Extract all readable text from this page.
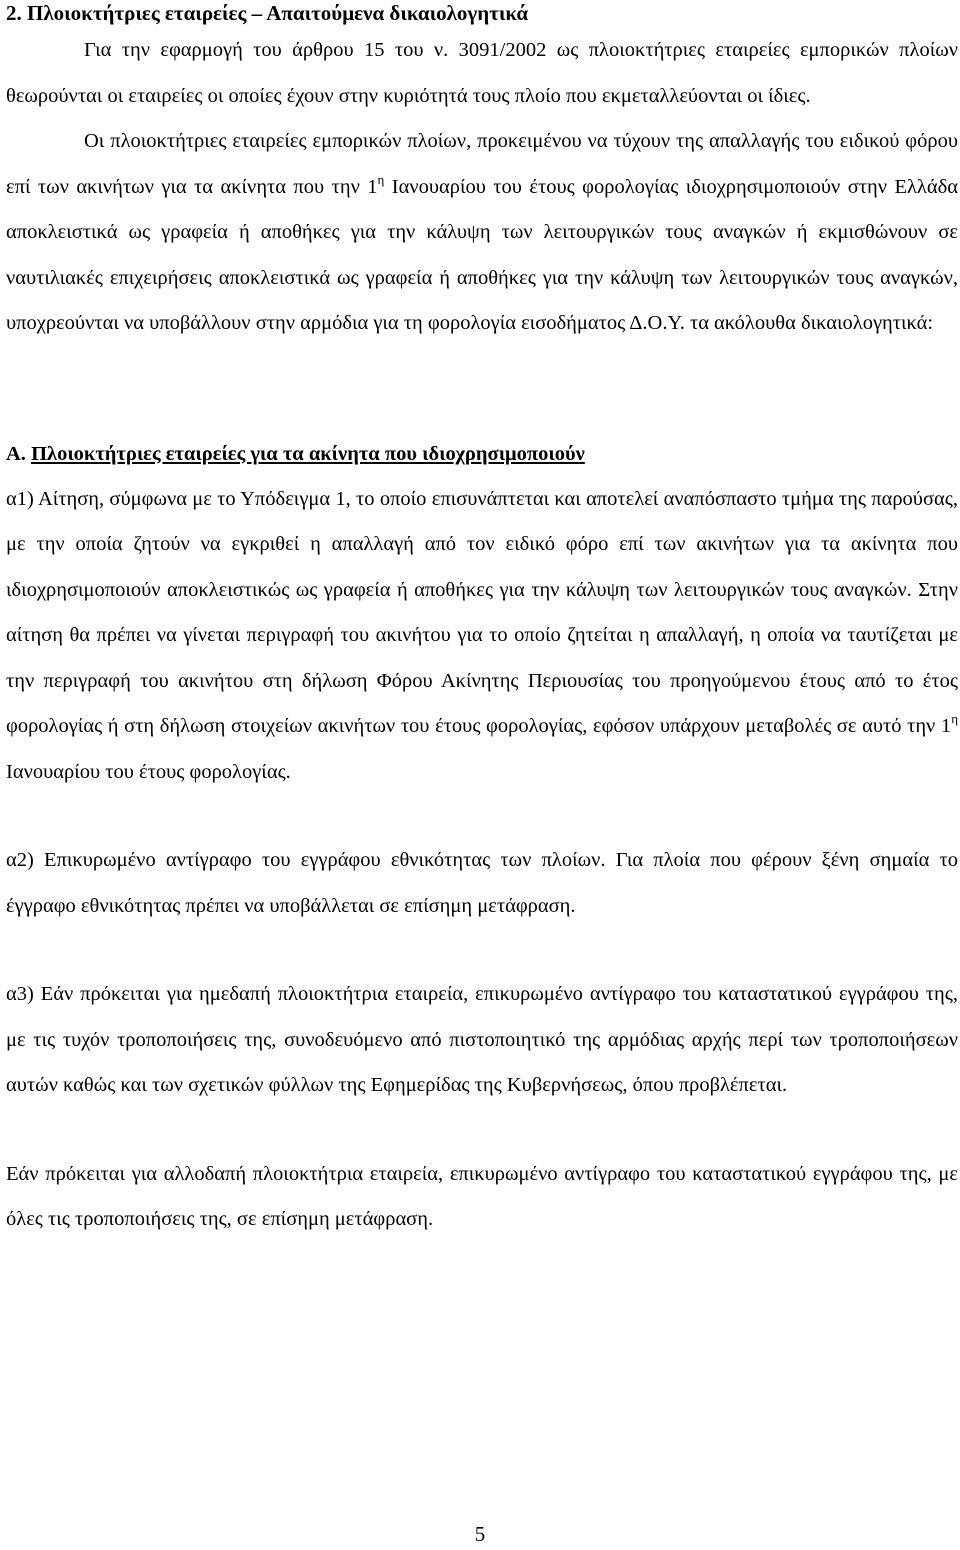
2. Πλοιοκτήτριες εταιρείες – Απαιτούμενα δικαιολογητικά

Για την εφαρμογή του άρθρου 15 του ν. 3091/2002 ως πλοιοκτήτριες εταιρείες εμπορικών πλοίων θεωρούνται οι εταιρείες οι οποίες έχουν στην κυριότητά τους πλοίο που εκμεταλλεύονται οι ίδιες.

Οι πλοιοκτήτριες εταιρείες εμπορικών πλοίων, προκειμένου να τύχουν της απαλλαγής του ειδικού φόρου επί των ακινήτων για τα ακίνητα που την $1^\eta$ Ιανουαρίου του έτους φορολογίας ιδιοχρησιμοποιούν στην Ελλάδα αποκλειστικά ως γραφεία ή αποθήκες για την κάλυψη των λειτουργικών τους αναγκών ή εκμισθώνουν σε ναυτιλιακές επιχειρήσεις αποκλειστικά ως γραφεία ή αποθήκες για την κάλυψη των λειτουργικών τους αναγκών, υποχρεούνται να υποβάλλουν στην αρμόδια για τη φορολογία εισοδήματος Δ.Ο.Υ. τα ακόλουθα δικαιολογητικά:

Α. Πλοιοκτήτριες εταιρείες για τα ακίνητα που ιδιοχρησιμοποιούν

α1) Αίτηση, σύμφωνα με το Υπόδειγμα 1, το οποίο επισυνάπτεται και αποτελεί αναπόσπαστο τμήμα της παρούσας, με την οποία ζητούν να εγκριθεί η απαλλαγή από τον ειδικό φόρο επί των ακινήτων για τα ακίνητα που ιδιοχρησιμοποιούν αποκλειστικώς ως γραφεία ή αποθήκες για την κάλυψη των λειτουργικών τους αναγκών. Στην αίτηση θα πρέπει να γίνεται περιγραφή του ακινήτου για το οποίο ζητείται η απαλλαγή, η οποία να ταυτίζεται με την περιγραφή του ακινήτου στη δήλωση Φόρου Ακίνητης Περιουσίας του προηγούμενου έτους από το έτος φορολογίας ή στη δήλωση στοιχείων ακινήτων του έτους φορολογίας, εφόσον υπάρχουν μεταβολές σε αυτό την $1^\eta$ Ιανουαρίου του έτους φορολογίας.

α2) Επικυρωμένο αντίγραφο του εγγράφου εθνικότητας των πλοίων. Για πλοία που φέρουν ξένη σημαία το έγγραφο εθνικότητας πρέπει να υποβάλλεται σε επίσημη μετάφραση.

α3) Εάν πρόκειται για ημεδαπή πλοιοκτήτρια εταιρεία, επικυρωμένο αντίγραφο του καταστατικού εγγράφου της, με τις τυχόν τροποποιήσεις της, συνοδευόμενο από πιστοποιητικό της αρμόδιας αρχής περί των τροποποιήσεων αυτών καθώς και των σχετικών φύλλων της Εφημερίδας της Κυβερνήσεως, όπου προβλέπεται.

Εάν πρόκειται για αλλοδαπή πλοιοκτήτρια εταιρεία, επικυρωμένο αντίγραφο του καταστατικού εγγράφου της, με όλες τις τροποποιήσεις της, σε επίσημη μετάφραση.

5
